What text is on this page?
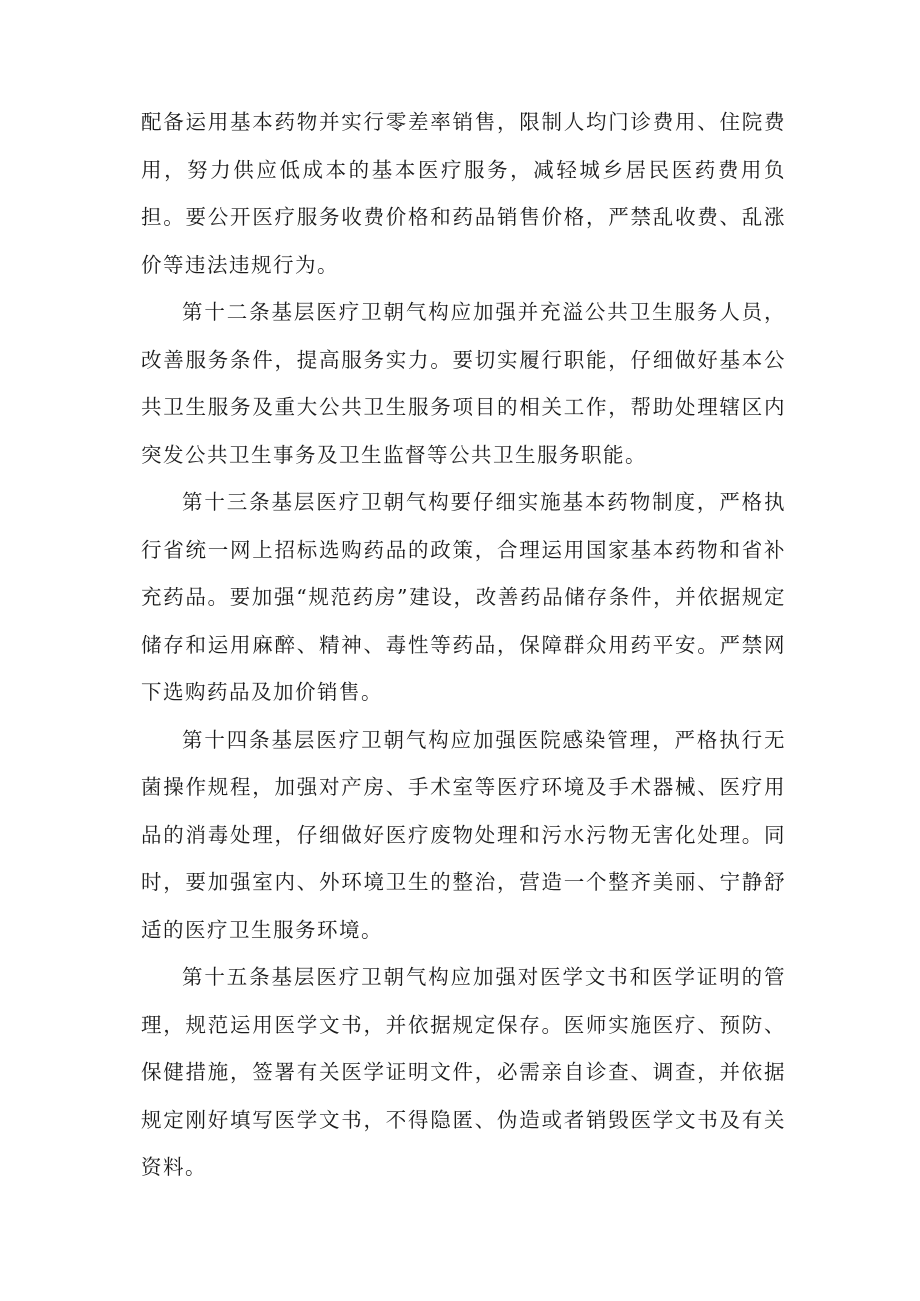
配备运用基本药物并实行零差率销售，限制人均门诊费用、住院费用，努力供应低成本的基本医疗服务，减轻城乡居民医药费用负担。要公开医疗服务收费价格和药品销售价格，严禁乱收费、乱涨价等违法违规行为。

第十二条基层医疗卫朝气构应加强并充溢公共卫生服务人员，改善服务条件，提高服务实力。要切实履行职能，仔细做好基本公共卫生服务及重大公共卫生服务项目的相关工作，帮助处理辖区内突发公共卫生事务及卫生监督等公共卫生服务职能。

第十三条基层医疗卫朝气构要仔细实施基本药物制度，严格执行省统一网上招标选购药品的政策，合理运用国家基本药物和省补充药品。要加强“规范药房”建设，改善药品储存条件，并依据规定储存和运用麻醉、精神、毒性等药品，保障群众用药平安。严禁网下选购药品及加价销售。

第十四条基层医疗卫朝气构应加强医院感染管理，严格执行无菌操作规程，加强对产房、手术室等医疗环境及手术器械、医疗用品的消毒处理，仔细做好医疗废物处理和污水污物无害化处理。同时，要加强室内、外环境卫生的整治，营造一个整齐美丽、宁静舒适的医疗卫生服务环境。

第十五条基层医疗卫朝气构应加强对医学文书和医学证明的管理，规范运用医学文书，并依据规定保存。医师实施医疗、预防、保健措施，签署有关医学证明文件，必需亲自诊查、调查，并依据规定刚好填写医学文书，不得隐匿、伪造或者销毁医学文书及有关资料。
